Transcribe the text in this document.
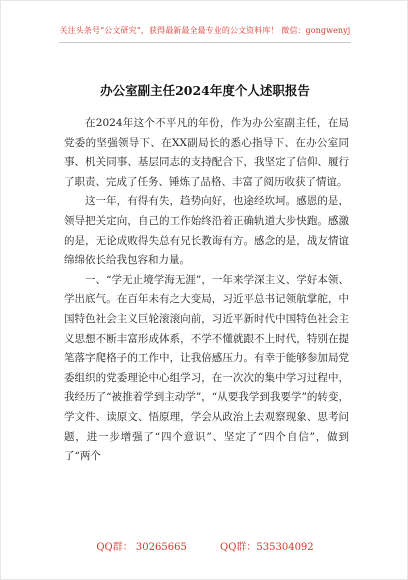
关注头条号“公文研究”，获得最新最全最专业的公文资料库！ 微信：gongwenyj
办公室副主任2024年度个人述职报告

在2024年这个不平凡的年份，作为办公室副主任，在局党委的坚强领导下、在XX副局长的悉心指导下、在办公室同事、机关同事、基层同志的支持配合下，我坚定了信仰、履行了职责、完成了任务、锤炼了品格、丰富了阅历收获了情谊。

这一年，有得有失，趋势向好，也途经坎坷。感恩的是，领导把关定向，自己的工作始终沿着正确轨道大步快跑。感激的是，无论成败得失总有兄长教诲有方。感念的是，战友情谊绵绵依长给我包容和力量。

一、“学无止境学海无涯”，一年来学深主义、学好本领、学出底气。在百年未有之大变局，习近平总书记领航掌舵，中国特色社会主义巨轮滚滚向前，习近平新时代中国特色社会主义思想不断丰富形成体系，不学不懂就跟不上时代，特别在提笔落字爬格子的工作中，让我倍感压力。有幸于能够参加局党委组织的党委理论中心组学习，在一次次的集中学习过程中，我经历了“被推着学到主动学”，“从要我学到我要学”的转变，学文件、读原文、悟原理，学会从政治上去观察现象、思考问题，进一步增强了“四个意识”、坚定了“四个自信”，做到了“两个

QQ群： 30265665	QQ群：535304092
